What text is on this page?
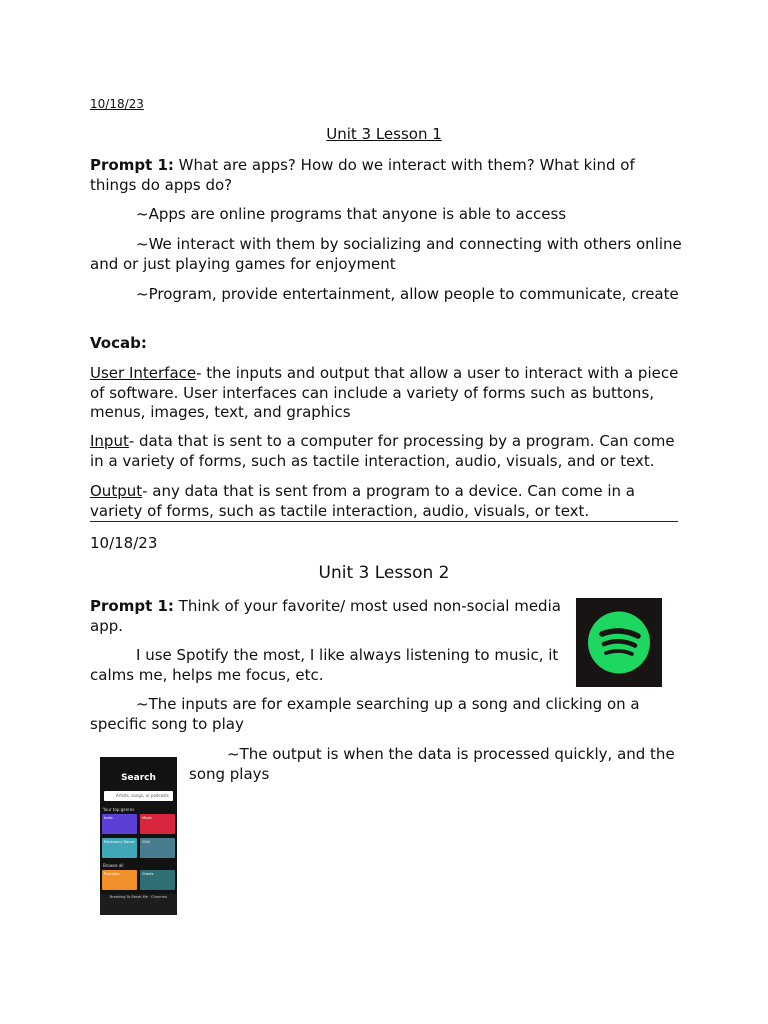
10/18/23
Unit 3 Lesson 1

Prompt 1: What are apps? How do we interact with them? What kind of things do apps do?

~Apps are online programs that anyone is able to access

~We interact with them by socializing and connecting with others online and or just playing games for enjoyment

~Program, provide entertainment, allow people to communicate, create

Vocab:

User Interface- the inputs and output that allow a user to interact with a piece of software. User interfaces can include a variety of forms such as buttons, menus, images, text, and graphics

Input- data that is sent to a computer for processing by a program. Can come in a variety of forms, such as tactile interaction, audio, visuals, and or text.

Output- any data that is sent from a program to a device. Can come in a variety of forms, such as tactile interaction, audio, visuals, or text.

10/18/23
Unit 3 Lesson 2

Prompt 1: Think of your favorite/ most used non-social media app.

I use Spotify the most, I like always listening to music, it calms me, helps me focus, etc.

~The inputs are for example searching up a song and clicking on a specific song to play

~The output is when the data is processed quickly, and the song plays

Search
Artists, songs, or podcasts
Your top genres
Indie	Music
Electronic/ Dance Chill
Browse all
Podcasts	Charts
Breaking To Break Me · Chromeo
